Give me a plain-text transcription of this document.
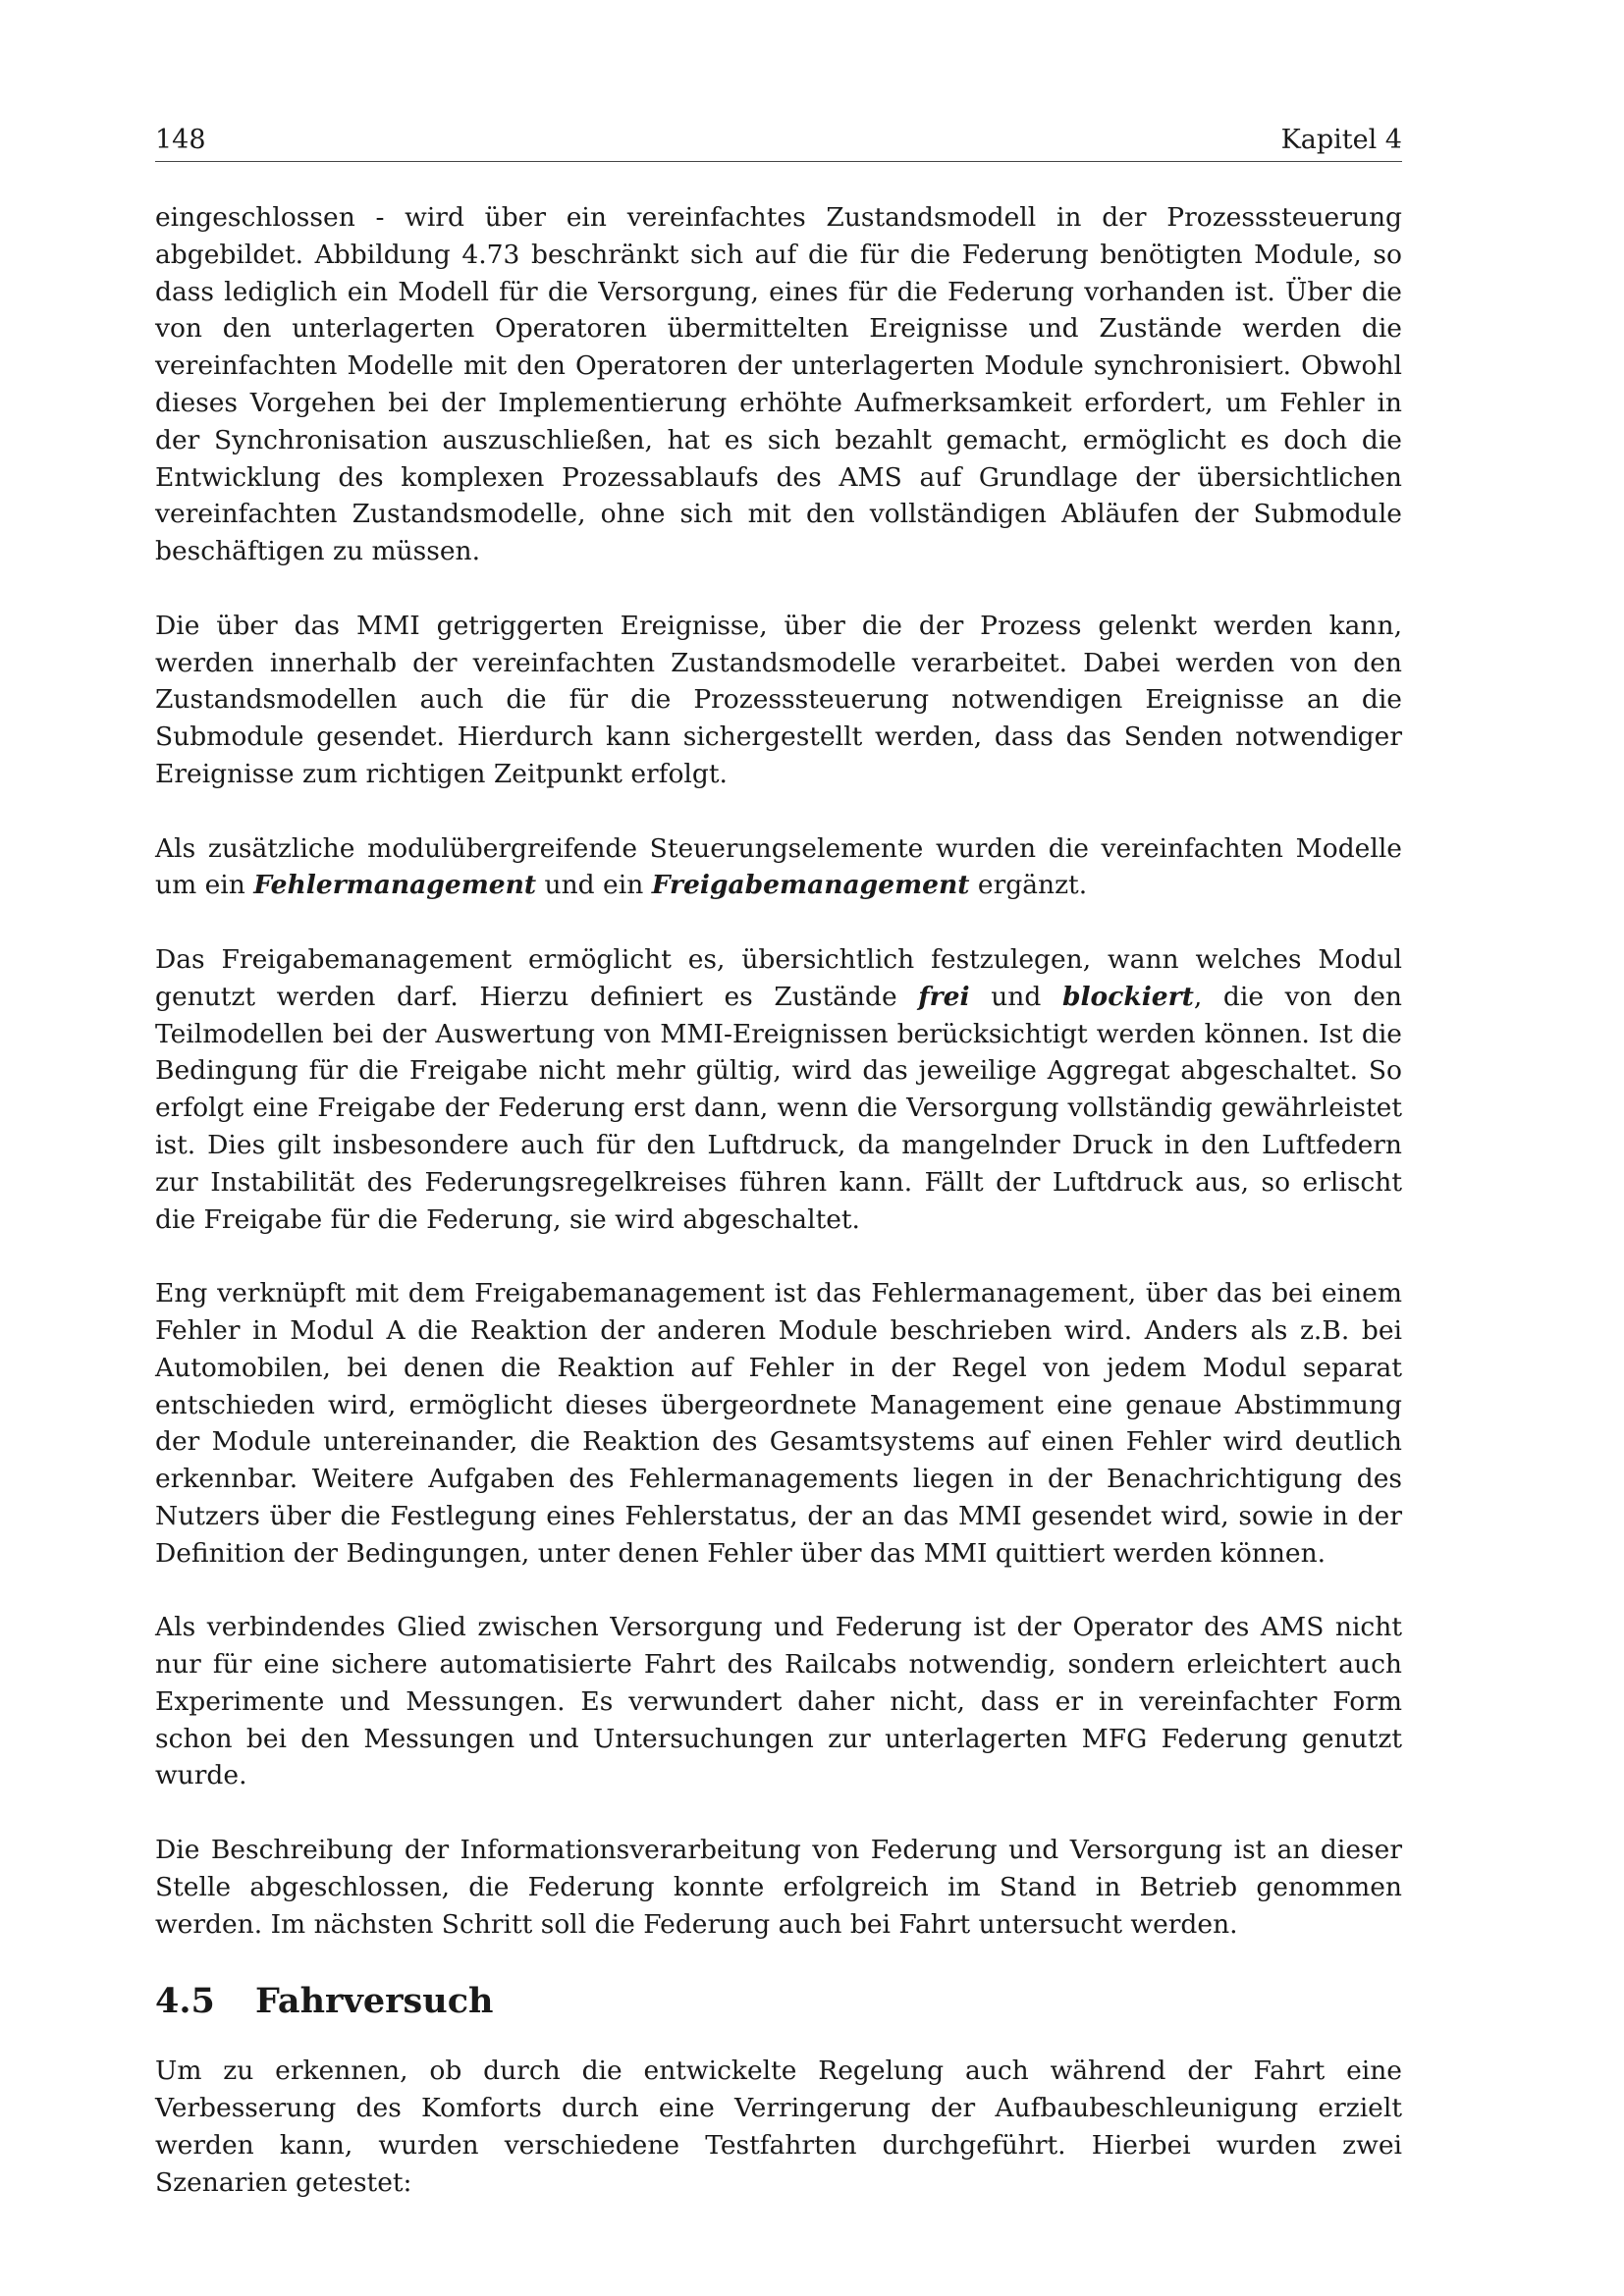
148	Kapitel 4

eingeschlossen - wird über ein vereinfachtes Zustandsmodell in der Prozesssteuerung abgebildet. Abbildung 4.73 beschränkt sich auf die für die Federung benötigten Module, so dass lediglich ein Modell für die Versorgung, eines für die Federung vorhanden ist. Über die von den unterlagerten Operatoren übermittelten Ereignisse und Zustände werden die vereinfachten Modelle mit den Operatoren der unterlagerten Module synchronisiert. Obwohl dieses Vorgehen bei der Implementierung erhöhte Aufmerksamkeit erfordert, um Fehler in der Synchronisation auszuschließen, hat es sich bezahlt gemacht, ermöglicht es doch die Entwicklung des komplexen Prozessablaufs des AMS auf Grundlage der übersichtlichen vereinfachten Zustandsmodelle, ohne sich mit den vollständigen Abläufen der Submodule beschäftigen zu müssen.

Die über das MMI getriggerten Ereignisse, über die der Prozess gelenkt werden kann, werden innerhalb der vereinfachten Zustandsmodelle verarbeitet. Dabei werden von den Zustandsmodellen auch die für die Prozesssteuerung notwendigen Ereignisse an die Submodule gesendet. Hierdurch kann sichergestellt werden, dass das Senden notwendiger Ereignisse zum richtigen Zeitpunkt erfolgt.

Als zusätzliche modulübergreifende Steuerungselemente wurden die vereinfachten Modelle um ein Fehlermanagement und ein Freigabemanagement ergänzt.

Das Freigabemanagement ermöglicht es, übersichtlich festzulegen, wann welches Modul genutzt werden darf. Hierzu definiert es Zustände frei und blockiert, die von den Teilmodellen bei der Auswertung von MMI-Ereignissen berücksichtigt werden können. Ist die Bedingung für die Freigabe nicht mehr gültig, wird das jeweilige Aggregat abgeschaltet. So erfolgt eine Freigabe der Federung erst dann, wenn die Versorgung vollständig gewährleistet ist. Dies gilt insbesondere auch für den Luftdruck, da mangelnder Druck in den Luftfedern zur Instabilität des Federungsregelkreises führen kann. Fällt der Luftdruck aus, so erlischt die Freigabe für die Federung, sie wird abgeschaltet.

Eng verknüpft mit dem Freigabemanagement ist das Fehlermanagement, über das bei einem Fehler in Modul A die Reaktion der anderen Module beschrieben wird. Anders als z.B. bei Automobilen, bei denen die Reaktion auf Fehler in der Regel von jedem Modul separat entschieden wird, ermöglicht dieses übergeordnete Management eine genaue Abstimmung der Module untereinander, die Reaktion des Gesamtsystems auf einen Fehler wird deutlich erkennbar. Weitere Aufgaben des Fehlermanagements liegen in der Benachrichtigung des Nutzers über die Festlegung eines Fehlerstatus, der an das MMI gesendet wird, sowie in der Definition der Bedingungen, unter denen Fehler über das MMI quittiert werden können.

Als verbindendes Glied zwischen Versorgung und Federung ist der Operator des AMS nicht nur für eine sichere automatisierte Fahrt des Railcabs notwendig, sondern erleichtert auch Experimente und Messungen. Es verwundert daher nicht, dass er in vereinfachter Form schon bei den Messungen und Untersuchungen zur unterlagerten MFG Federung genutzt wurde.

Die Beschreibung der Informationsverarbeitung von Federung und Versorgung ist an dieser Stelle abgeschlossen, die Federung konnte erfolgreich im Stand in Betrieb genommen werden. Im nächsten Schritt soll die Federung auch bei Fahrt untersucht werden.

4.5 Fahrversuch

Um zu erkennen, ob durch die entwickelte Regelung auch während der Fahrt eine Verbesserung des Komforts durch eine Verringerung der Aufbaubeschleunigung erzielt werden kann, wurden verschiedene Testfahrten durchgeführt. Hierbei wurden zwei Szenarien getestet:
